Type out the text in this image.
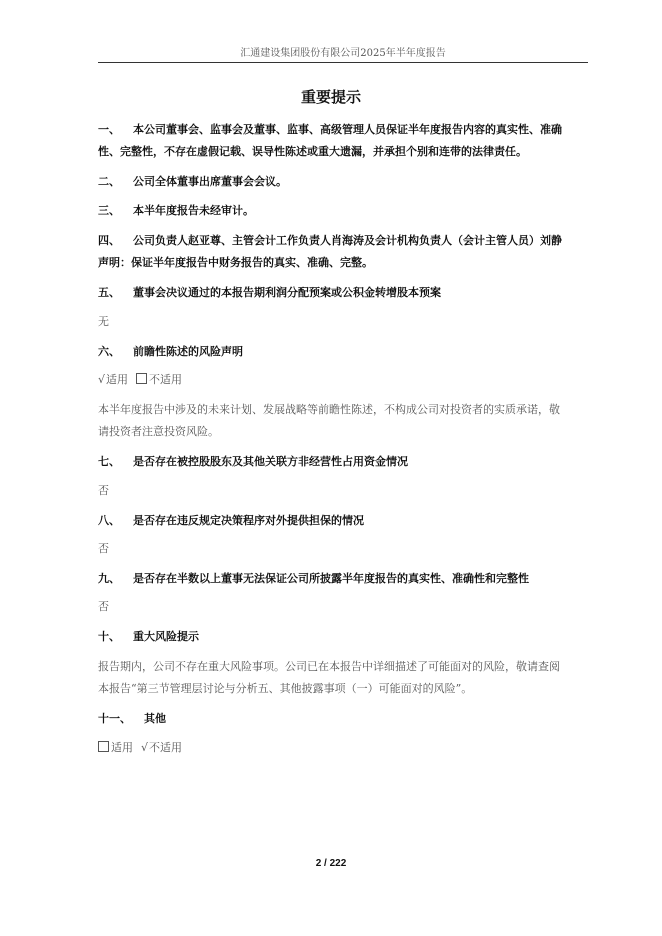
汇通建设集团股份有限公司2025年半年度报告
重要提示
一、 本公司董事会、监事会及董事、监事、高级管理人员保证半年度报告内容的真实性、准确
性、完整性，不存在虚假记载、误导性陈述或重大遗漏，并承担个别和连带的法律责任。
二、 公司全体董事出席董事会会议。
三、 本半年度报告未经审计。
四、 公司负责人赵亚尊、主管会计工作负责人肖海涛及会计机构负责人（会计主管人员）刘静
声明：保证半年度报告中财务报告的真实、准确、完整。
五、 董事会决议通过的本报告期利润分配预案或公积金转增股本预案
无
六、 前瞻性陈述的风险声明
√适用 不适用
本半年度报告中涉及的未来计划、发展战略等前瞻性陈述，不构成公司对投资者的实质承诺，敬
请投资者注意投资风险。
七、 是否存在被控股股东及其他关联方非经营性占用资金情况
否
八、 是否存在违反规定决策程序对外提供担保的情况
否
九、 是否存在半数以上董事无法保证公司所披露半年度报告的真实性、准确性和完整性
否
十、 重大风险提示
报告期内，公司不存在重大风险事项。公司已在本报告中详细描述了可能面对的风险，敬请查阅
本报告“第三节管理层讨论与分析五、其他披露事项（一）可能面对的风险”。
十一、 其他
适用 √不适用
2 / 222
